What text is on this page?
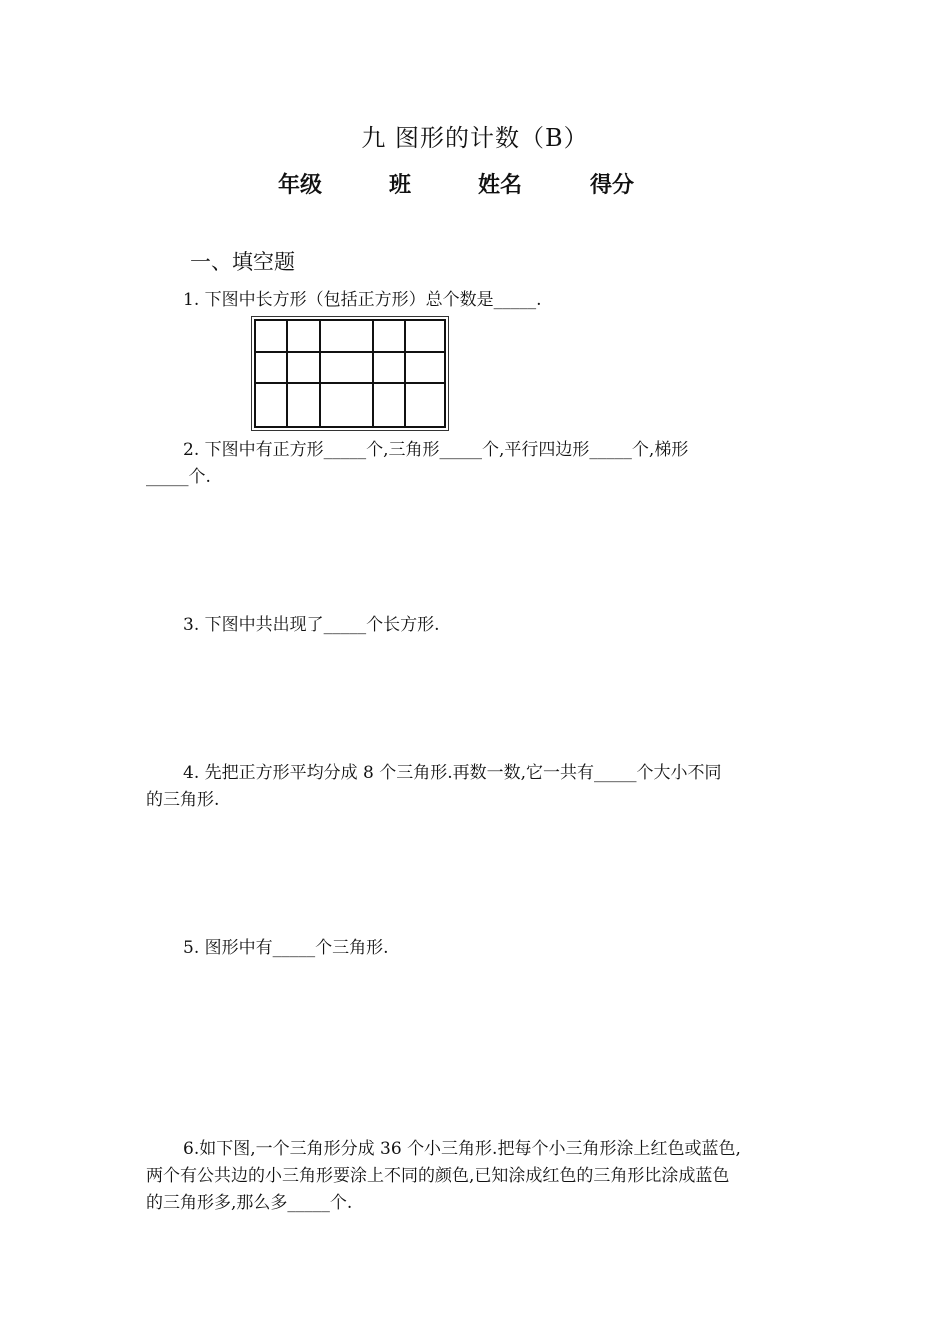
九 图形的计数（B）
年级	班	姓名	得分
一、填空题
1. 下图中长方形（包括正方形）总个数是_____.
2. 下图中有正方形_____个,三角形_____个,平行四边形_____个,梯形
_____个.
3. 下图中共出现了_____个长方形.
4. 先把正方形平均分成 8 个三角形.再数一数,它一共有_____个大小不同
的三角形.
5. 图形中有_____个三角形.
6.如下图,一个三角形分成 36 个小三角形.把每个小三角形涂上红色或蓝色,
两个有公共边的小三角形要涂上不同的颜色,已知涂成红色的三角形比涂成蓝色
的三角形多,那么多_____个.
